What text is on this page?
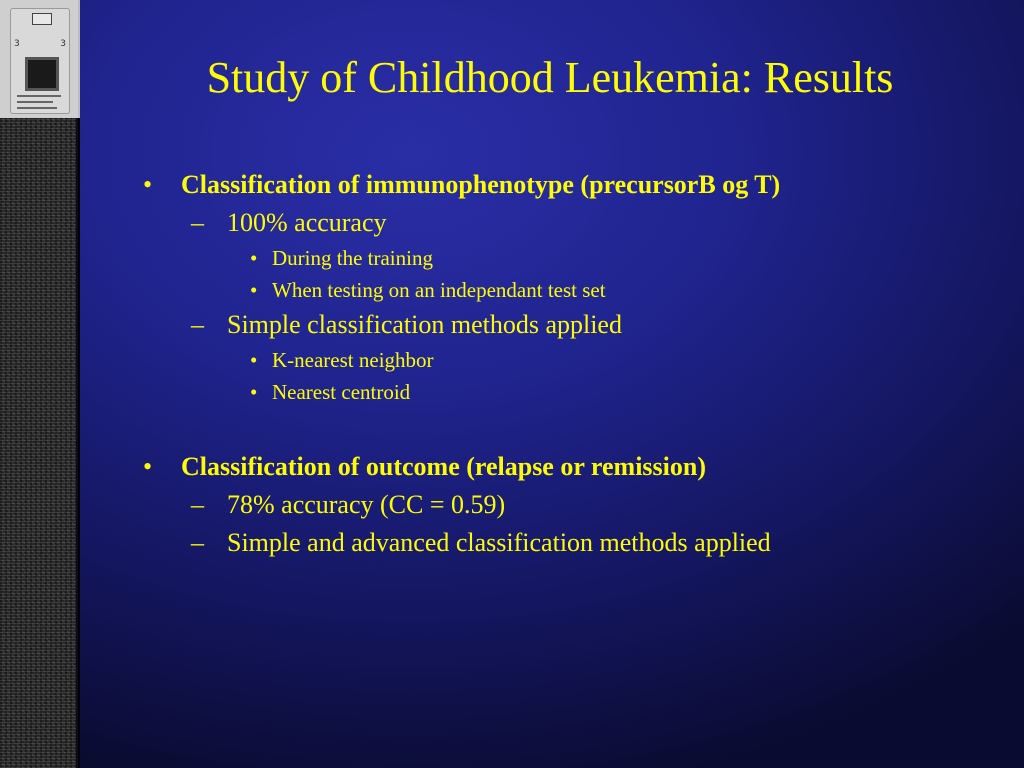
3	3
Study of Childhood Leukemia: Results

• Classification of immunophenotype (precursorB og T)

– 100% accuracy

• During the training

• When testing on an independant test set

– Simple classification methods applied

• K-nearest neighbor

• Nearest centroid

• Classification of outcome (relapse or remission)

– 78% accuracy (CC = 0.59)

– Simple and advanced classification methods applied
